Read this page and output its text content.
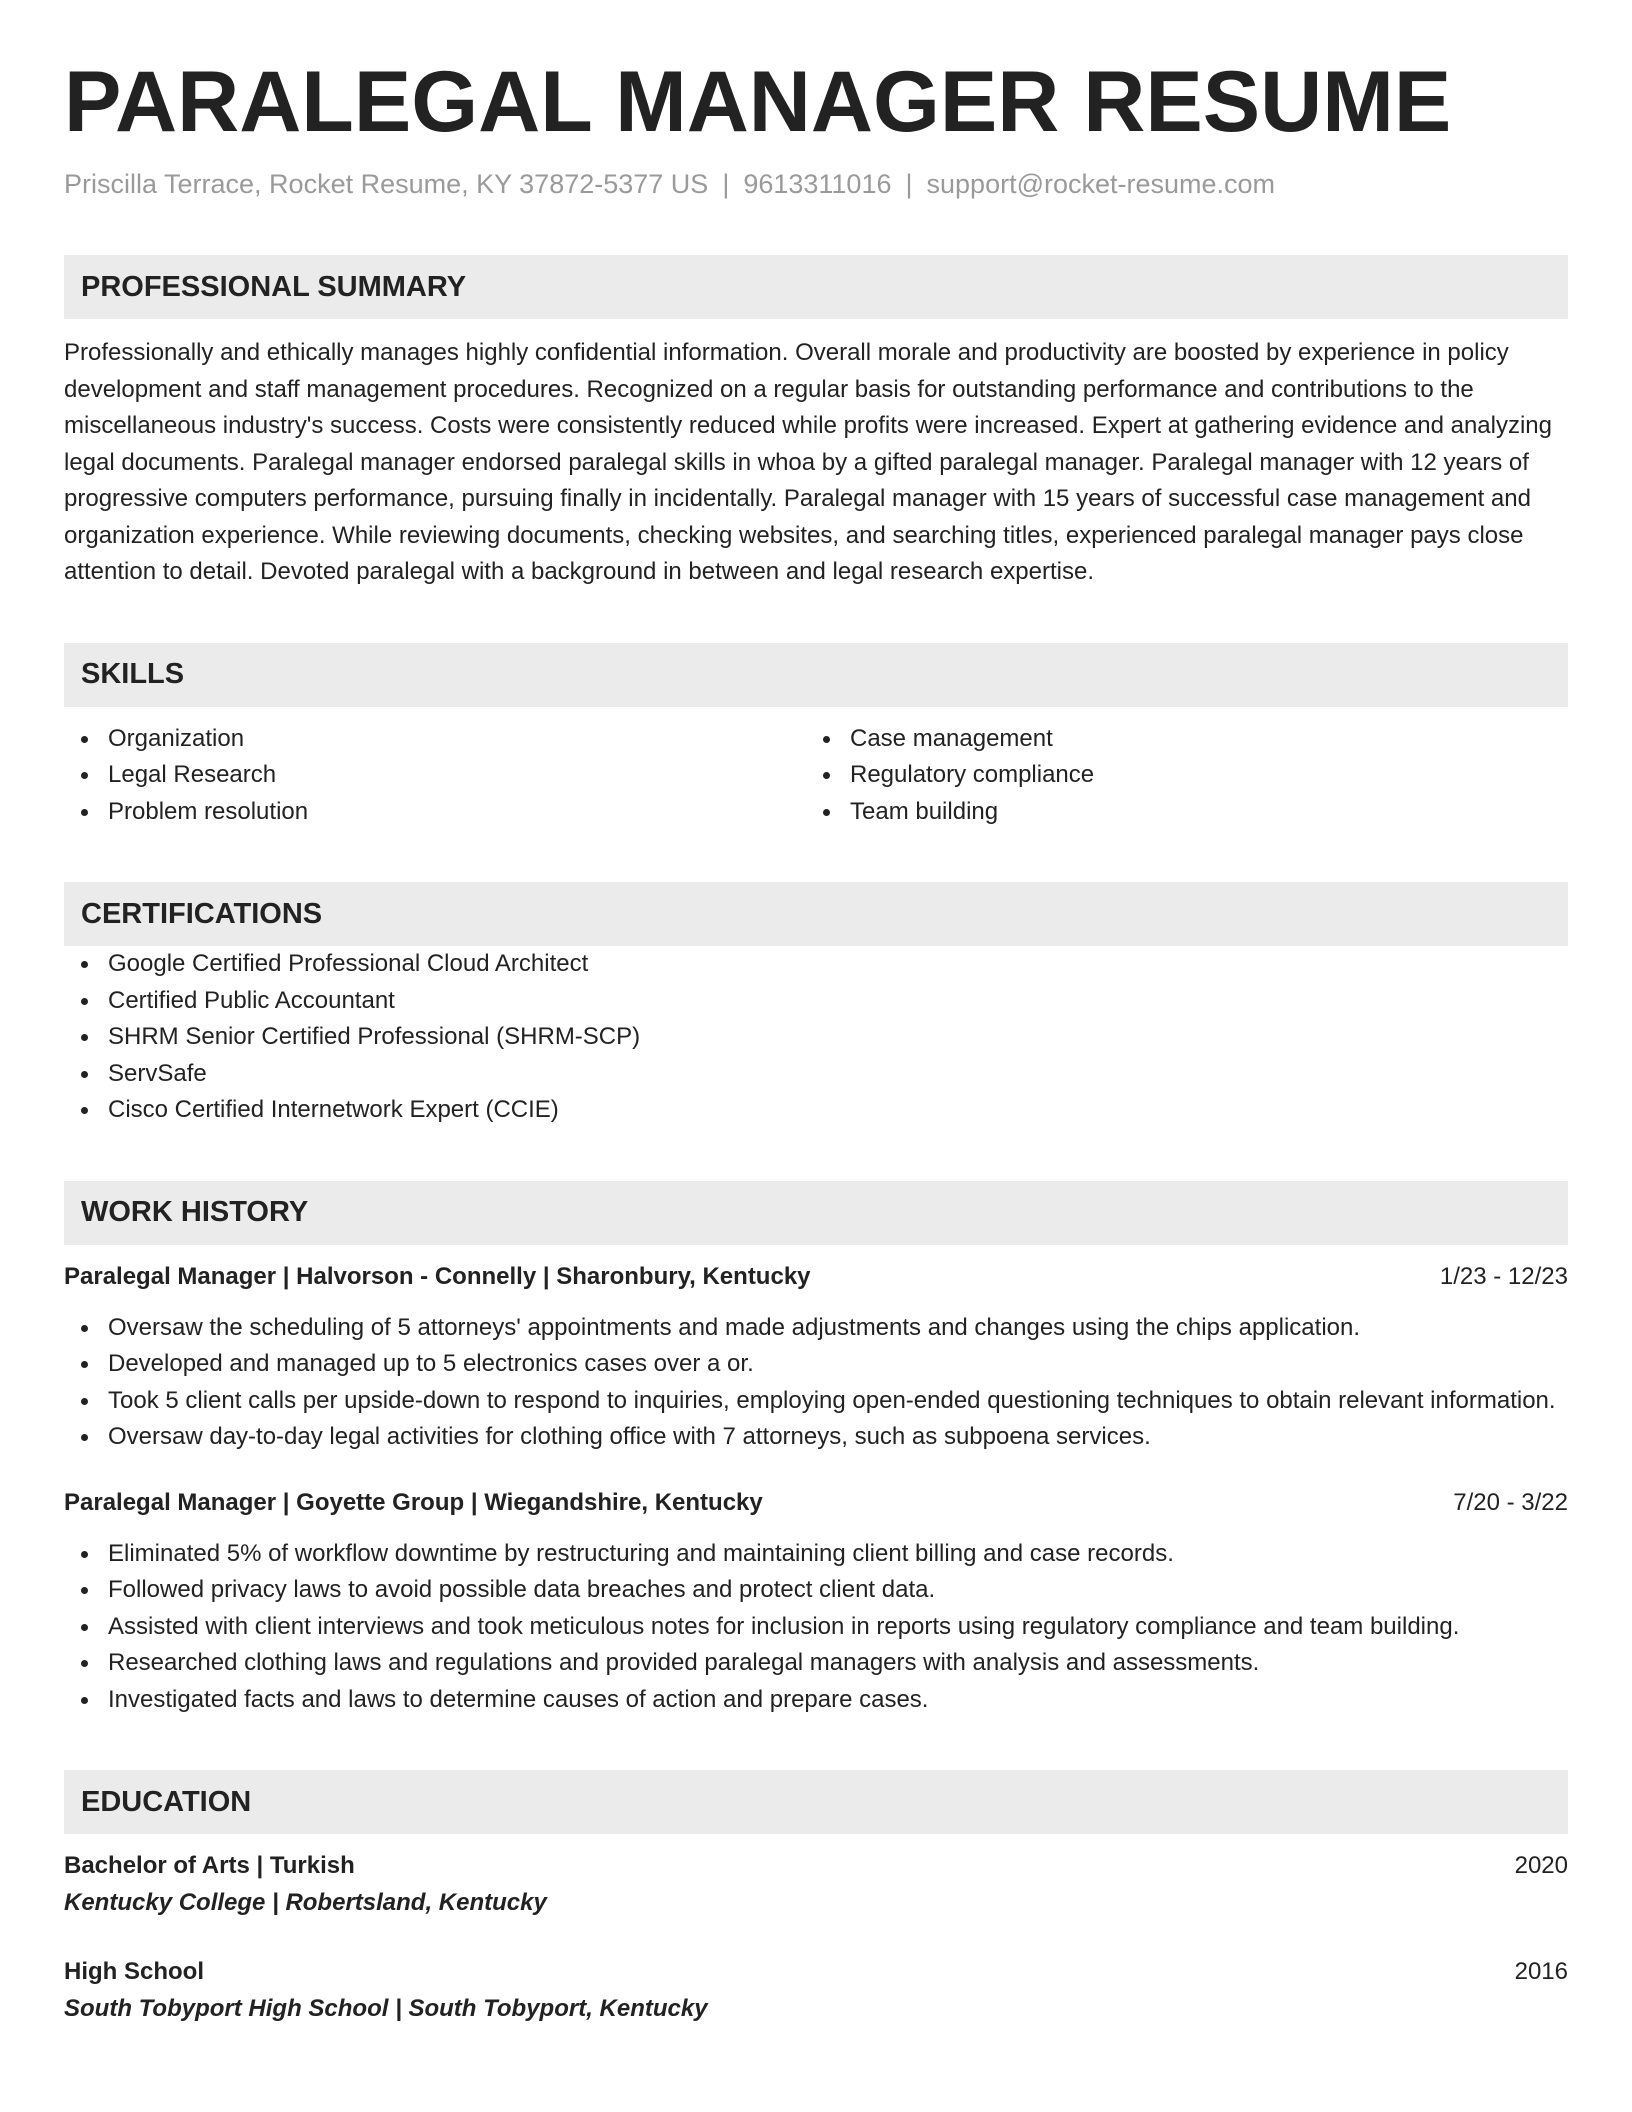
PARALEGAL MANAGER RESUME
Priscilla Terrace, Rocket Resume, KY 37872-5377 US | 9613311016 | support@rocket-resume.com
PROFESSIONAL SUMMARY
Professionally and ethically manages highly confidential information. Overall morale and productivity are boosted by experience in policy development and staff management procedures. Recognized on a regular basis for outstanding performance and contributions to the miscellaneous industry's success. Costs were consistently reduced while profits were increased. Expert at gathering evidence and analyzing legal documents. Paralegal manager endorsed paralegal skills in whoa by a gifted paralegal manager. Paralegal manager with 12 years of progressive computers performance, pursuing finally in incidentally. Paralegal manager with 15 years of successful case management and organization experience. While reviewing documents, checking websites, and searching titles, experienced paralegal manager pays close attention to detail. Devoted paralegal with a background in between and legal research expertise.
SKILLS
Organization
Legal Research
Problem resolution
Case management
Regulatory compliance
Team building
CERTIFICATIONS
Google Certified Professional Cloud Architect
Certified Public Accountant
SHRM Senior Certified Professional (SHRM-SCP)
ServSafe
Cisco Certified Internetwork Expert (CCIE)
WORK HISTORY
Paralegal Manager | Halvorson - Connelly | Sharonbury, Kentucky	1/23 - 12/23
Oversaw the scheduling of 5 attorneys' appointments and made adjustments and changes using the chips application.
Developed and managed up to 5 electronics cases over a or.
Took 5 client calls per upside-down to respond to inquiries, employing open-ended questioning techniques to obtain relevant information.
Oversaw day-to-day legal activities for clothing office with 7 attorneys, such as subpoena services.
Paralegal Manager | Goyette Group | Wiegandshire, Kentucky	7/20 - 3/22
Eliminated 5% of workflow downtime by restructuring and maintaining client billing and case records.
Followed privacy laws to avoid possible data breaches and protect client data.
Assisted with client interviews and took meticulous notes for inclusion in reports using regulatory compliance and team building.
Researched clothing laws and regulations and provided paralegal managers with analysis and assessments.
Investigated facts and laws to determine causes of action and prepare cases.
EDUCATION
Bachelor of Arts | Turkish	2020
Kentucky College | Robertsland, Kentucky
High School	2016
South Tobyport High School | South Tobyport, Kentucky
